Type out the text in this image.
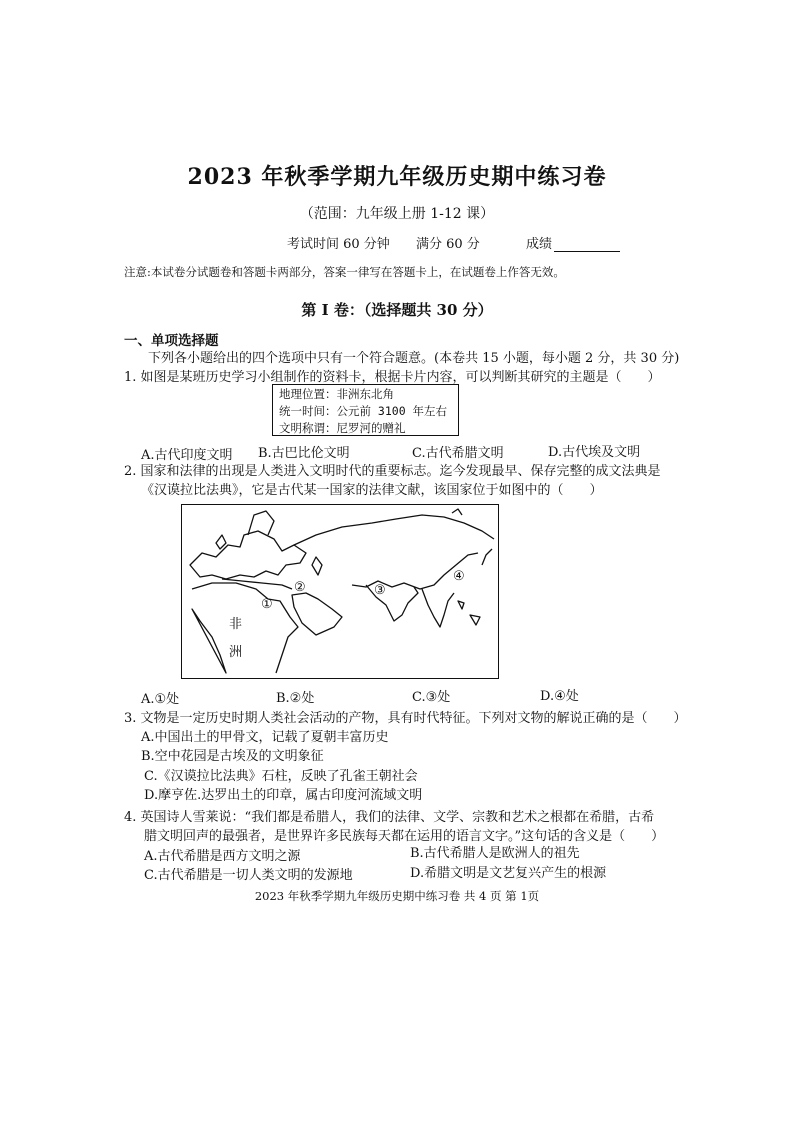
2023 年秋季学期九年级历史期中练习卷
（范围：九年级上册 1-12 课）
考试时间 60 分钟 满分 60 分	成绩
注意:本试卷分试题卷和答题卡两部分，答案一律写在答题卡上，在试题卷上作答无效。
第 I 卷：（选择题共 30 分）
一、单项选择题
下列各小题给出的四个选项中只有一个符合题意。(本卷共 15 小题，每小题 2 分，共 30 分)
1. 如图是某班历史学习小组制作的资料卡，根据卡片内容，可以判断其研究的主题是（　　）
地理位置：非洲东北角
统一时间：公元前 3100 年左右
文明称谓：尼罗河的赠礼
A.古代印度文明 B.古巴比伦文明	C.古代希腊文明	D.古代埃及文明
2. 国家和法律的出现是人类进入文明时代的重要标志。迄今发现最早、保存完整的成文法典是
《汉谟拉比法典》，它是古代某一国家的法律文献，该国家位于如图中的（　　）
①
②	③
④
非
洲
A.①处	B.②处	C.③处	D.④处
3. 文物是一定历史时期人类社会活动的产物，具有时代特征。下列对文物的解说正确的是（　　）
A.中国出土的甲骨文，记载了夏朝丰富历史
B.空中花园是古埃及的文明象征
C.《汉谟拉比法典》石柱，反映了孔雀王朝社会
D.摩亨佐.达罗出土的印章，属古印度河流域文明
4. 英国诗人雪莱说：“我们都是希腊人，我们的法律、文学、宗教和艺术之根都在希腊，古希
腊文明回声的最强者，是世界许多民族每天都在运用的语言文字。”这句话的含义是（　　）
A.古代希腊是西方文明之源	B.古代希腊人是欧洲人的祖先
C.古代希腊是一切人类文明的发源地	D.希腊文明是文艺复兴产生的根源
2023 年秋季学期九年级历史期中练习卷 共 4 页 第 1页
